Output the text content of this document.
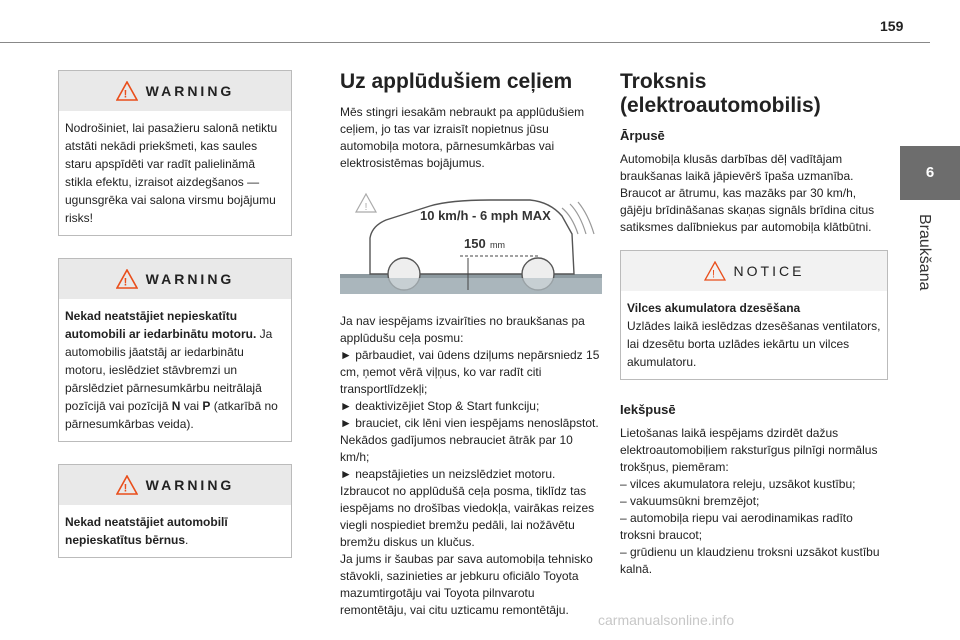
159
6
Braukšana
! WARNING
Nodrošiniet, lai pasažieru salonā netiktu atstāti nekādi priekšmeti, kas saules staru apspīdēti var radīt palielinămā stikla efektu, izraisot aizdegšanos — ugunsgrēka vai salona virsmu bojājumu risks!
! WARNING
Nekad neatstājiet nepieskatītu automobili ar iedarbinātu motoru. Ja automobilis jāatstāj ar iedarbinātu motoru, ieslēdziet stāvbremzi un pārslēdziet pārnesumkārbu neitrālajā pozīcijā vai pozīcijā N vai P (atkarībā no pārnesumkārbas veida).
! WARNING
Nekad neatstājiet automobilī nepieskatītus bērnus.
Uz applūdušiem ceļiem

Mēs stingri iesakām nebraukt pa applūdušiem ceļiem, jo tas var izraisīt nopietnus jūsu automobiļa motora, pārnesumkārbas vai elektrosistēmas bojājumus.

!
10 km/h - 6 mph MAX
150 mm

Ja nav iespējams izvairīties no braukšanas pa applūdušu ceļa posmu:

► pārbaudiet, vai ūdens dziļums nepārsniedz 15 cm, ņemot vērā viļņus, ko var radīt citi transportlīdzekļi;

► deaktivizējiet Stop & Start funkciju;

► brauciet, cik lēni vien iespējams nenoslāpstot. Nekādos gadījumos nebrauciet ātrāk par 10 km/h;

► neapstājieties un neizslēdziet motoru.

Izbraucot no applūdušā ceļa posma, tiklīdz tas iespējams no drošības viedokļa, vairākas reizes viegli nospiediet bremžu pedāli, lai nožāvētu bremžu diskus un klučus.

Ja jums ir šaubas par sava automobiļa tehnisko stāvokli, sazinieties ar jebkuru oficiālo Toyota mazumtirgotāju vai Toyota pilnvarotu remontētāju, vai citu uzticamu remontētāju.

Troksnis (elektroautomobilis)
Ārpusē

Automobiļa klusās darbības dēļ vadītājam braukšanas laikā jāpievērš īpaša uzmanība. Braucot ar ātrumu, kas mazāks par 30 km/h, gājēju brīdināšanas skaņas signāls brīdina citus satiksmes dalībniekus par automobiļa klātbūtni.

! NOTICE
Vilces akumulatora dzesēšana
Uzlādes laikā ieslēdzas dzesēšanas ventilators, lai dzesētu borta uzlādes iekārtu un vilces akumulatoru.
Iekšpusē

Lietošanas laikā iespējams dzirdēt dažus elektroautomobiļiem raksturīgus pilnīgi normālus trokšņus, piemēram:

– vilces akumulatora releju, uzsākot kustību;

– vakuumsūkni bremzējot;

– automobiļa riepu vai aerodinamikas radīto troksni braucot;

– grūdienu un klaudzienu troksni uzsākot kustību kalnā.

carmanualsonline.info
